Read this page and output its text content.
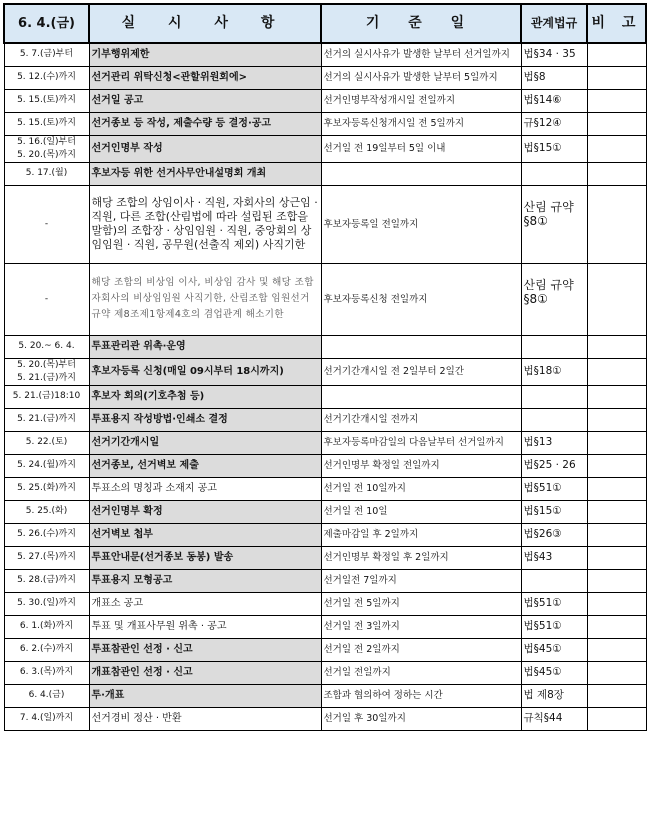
6. 4.(금)	실 시 사 항	기 준 일	관계법규	비 고

5. 7.(금)부터	기부행위제한	선거의 실시사유가 발생한 날부터 선거일까지	법§34 · 35	

5. 12.(수)까지	선거관리 위탁신청<관할위원회에>	선거의 실시사유가 발생한 날부터 5일까지	법§8	

5. 15.(토)까지	선거일 공고	선거인명부작성개시일 전일까지	법§14⑥	

5. 15.(토)까지	선거종보 등 작성, 제출수량 등 결정·공고	후보자등록신청개시일 전 5일까지	규§12④	

5. 16.(일)부터
5. 20.(목)까지	선거인명부 작성	선거일 전 19일부터 5일 이내	법§15①	

5. 17.(월)	후보자등 위한 선거사무안내설명회 개최			

-	해당 조합의 상임이사 · 직원, 자회사의 상근임 · 직원, 다른 조합(산림법에 따라 설립된 조합을 말함)의 조합장 · 상임임원 · 직원, 중앙회의 상임임원 · 직원, 공무원(선출직 제외) 사직기한	후보자등록일 전일까지	산림 규약 §8①	

-	해당 조합의 비상임 이사, 비상임 감사 및 해당 조합 자회사의 비상임임원 사직기한, 산림조합 임원선거규약 제8조제1항제4호의 겸업관계 해소기한	후보자등록신청 전일까지	산림 규약 §8①	

5. 20.~ 6. 4.	투표관리관 위촉·운영			

5. 20.(목)부터
5. 21.(금)까지	후보자등록 신청(매일 09시부터 18시까지)	선거기간개시일 전 2일부터 2일간	법§18①	

5. 21.(금)18:10	후보자 회의(기호추첨 등)			

5. 21.(금)까지	투표용지 작성방법·인쇄소 결정	선거기간개시일 전까지		

5. 22.(토)	선거기간개시일	후보자등록마감일의 다음날부터 선거일까지	법§13	

5. 24.(월)까지	선거종보, 선거벽보 제출	선거인명부 확정일 전일까지	법§25 · 26	

5. 25.(화)까지	투표소의 명칭과 소재지 공고	선거일 전 10일까지	법§51①	

5. 25.(화)	선거인명부 확정	선거일 전 10일	법§15①	

5. 26.(수)까지	선거벽보 첩부	제출마감일 후 2일까지	법§26③	

5. 27.(목)까지	투표안내문(선거종보 동봉) 발송	선거인명부 확정일 후 2일까지	법§43	

5. 28.(금)까지	투표용지 모형공고	선거일전 7일까지		

5. 30.(일)까지	개표소 공고	선거일 전 5일까지	법§51①	

6. 1.(화)까지	투표 및 개표사무원 위촉 · 공고	선거일 전 3일까지	법§51①	

6. 2.(수)까지	투표참관인 선정 · 신고	선거일 전 2일까지	법§45①	

6. 3.(목)까지	개표참관인 선정 · 신고	선거일 전일까지	법§45①	

6. 4.(금)	투·개표	조합과 협의하여 정하는 시간	법 제8장	

7. 4.(일)까지	선거경비 정산 · 반환	선거일 후 30일까지	규칙§44	
